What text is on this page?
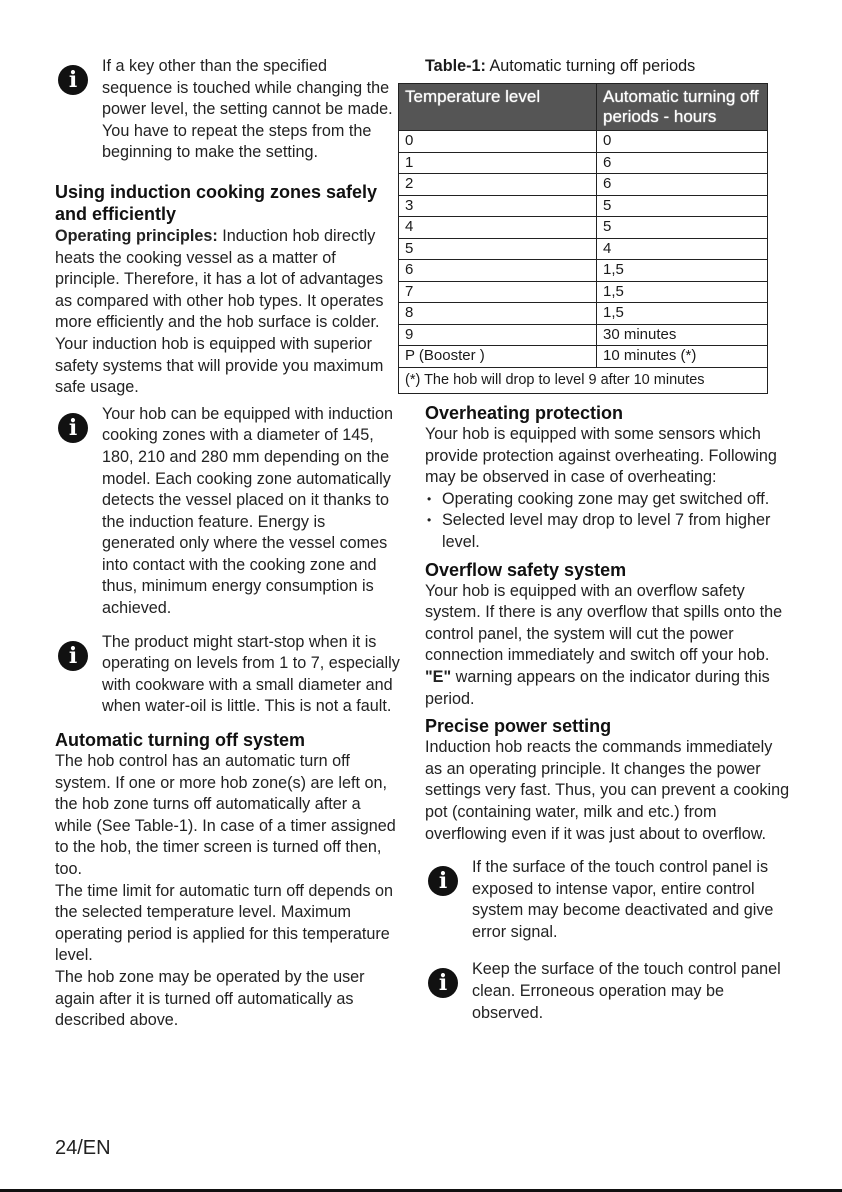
i

If a key other than the specified sequence is touched while changing the power level, the setting cannot be made. You have to repeat the steps from the beginning to make the setting.

Using induction cooking zones safely and efficiently

Operating principles: Induction hob directly heats the cooking vessel as a matter of principle. Therefore, it has a lot of advantages as compared with other hob types. It operates more efficiently and the hob surface is colder.

Your induction hob is equipped with superior safety systems that will provide you maximum safe usage.

i

Your hob can be equipped with induction cooking zones with a diameter of 145, 180, 210 and 280 mm depending on the model. Each cooking zone automatically detects the vessel placed on it thanks to the induction feature. Energy is generated only where the vessel comes into contact with the cooking zone and thus, minimum energy consumption is achieved.

i

The product might start-stop when it is operating on levels from 1 to 7, especially with cookware with a small diameter and when water-oil is little. This is not a fault.

Automatic turning off system

The hob control has an automatic turn off system. If one or more hob zone(s) are left on, the hob zone turns off automatically after a while (See Table-1). In case of a timer assigned to the hob, the timer screen is turned off then, too.

The time limit for automatic turn off depends on the selected temperature level. Maximum operating period is applied for this temperature level.

The hob zone may be operated by the user again after it is turned off automatically as described above.

Table-1: Automatic turning off periods

Temperature level	Automatic turning off periods - hours
0	0
1	6
2	6
3	5
4	5
5	4
6	1,5
7	1,5
8	1,5
9	30 minutes
P (Booster )	10 minutes (*)
(*) The hob will drop to level 9 after 10 minutes	
Overheating protection

Your hob is equipped with some sensors which provide protection against overheating. Following may be observed in case of overheating:

• Operating cooking zone may get switched off.
• Selected level may drop to level 7 from higher level.
Overflow safety system

Your hob is equipped with an overflow safety system. If there is any overflow that spills onto the control panel, the system will cut the power connection immediately and switch off your hob. "E" warning appears on the indicator during this period.

Precise power setting

Induction hob reacts the commands immediately as an operating principle. It changes the power settings very fast. Thus, you can prevent a cooking pot (containing water, milk and etc.) from overflowing even if it was just about to overflow.

i

If the surface of the touch control panel is exposed to intense vapor, entire control system may become deactivated and give error signal.

i

Keep the surface of the touch control panel clean. Erroneous operation may be observed.

24/EN
